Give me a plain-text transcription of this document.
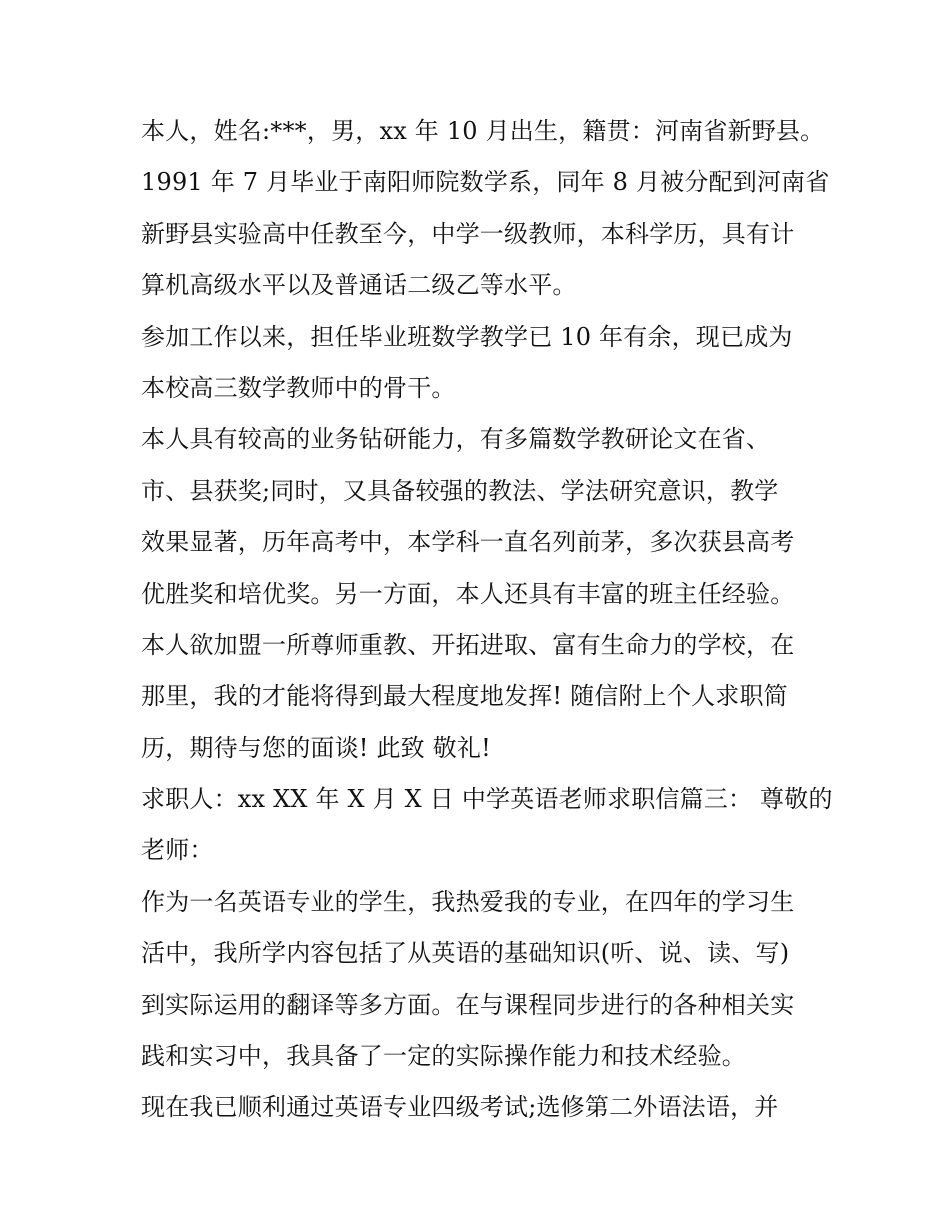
本人，姓名:***，男，xx 年 10 月出生，籍贯：河南省新野县。
1991 年 7 月毕业于南阳师院数学系，同年 8 月被分配到河南省
新野县实验高中任教至今，中学一级教师，本科学历，具有计
算机高级水平以及普通话二级乙等水平。
参加工作以来，担任毕业班数学教学已 10 年有余，现已成为
本校高三数学教师中的骨干。
本人具有较高的业务钻研能力，有多篇数学教研论文在省、
市、县获奖;同时，又具备较强的教法、学法研究意识，教学
效果显著，历年高考中，本学科一直名列前茅，多次获县高考
优胜奖和培优奖。另一方面，本人还具有丰富的班主任经验。
本人欲加盟一所尊师重教、开拓进取、富有生命力的学校，在
那里，我的才能将得到最大程度地发挥! 随信附上个人求职简
历，期待与您的面谈! 此致 敬礼!
求职人：xx XX 年 X 月 X 日 中学英语老师求职信篇三： 尊敬的
老师：
作为一名英语专业的学生，我热爱我的专业，在四年的学习生
活中，我所学内容包括了从英语的基础知识(听、说、读、写)
到实际运用的翻译等多方面。在与课程同步进行的各种相关实
践和实习中，我具备了一定的实际操作能力和技术经验。
现在我已顺利通过英语专业四级考试;选修第二外语法语，并
